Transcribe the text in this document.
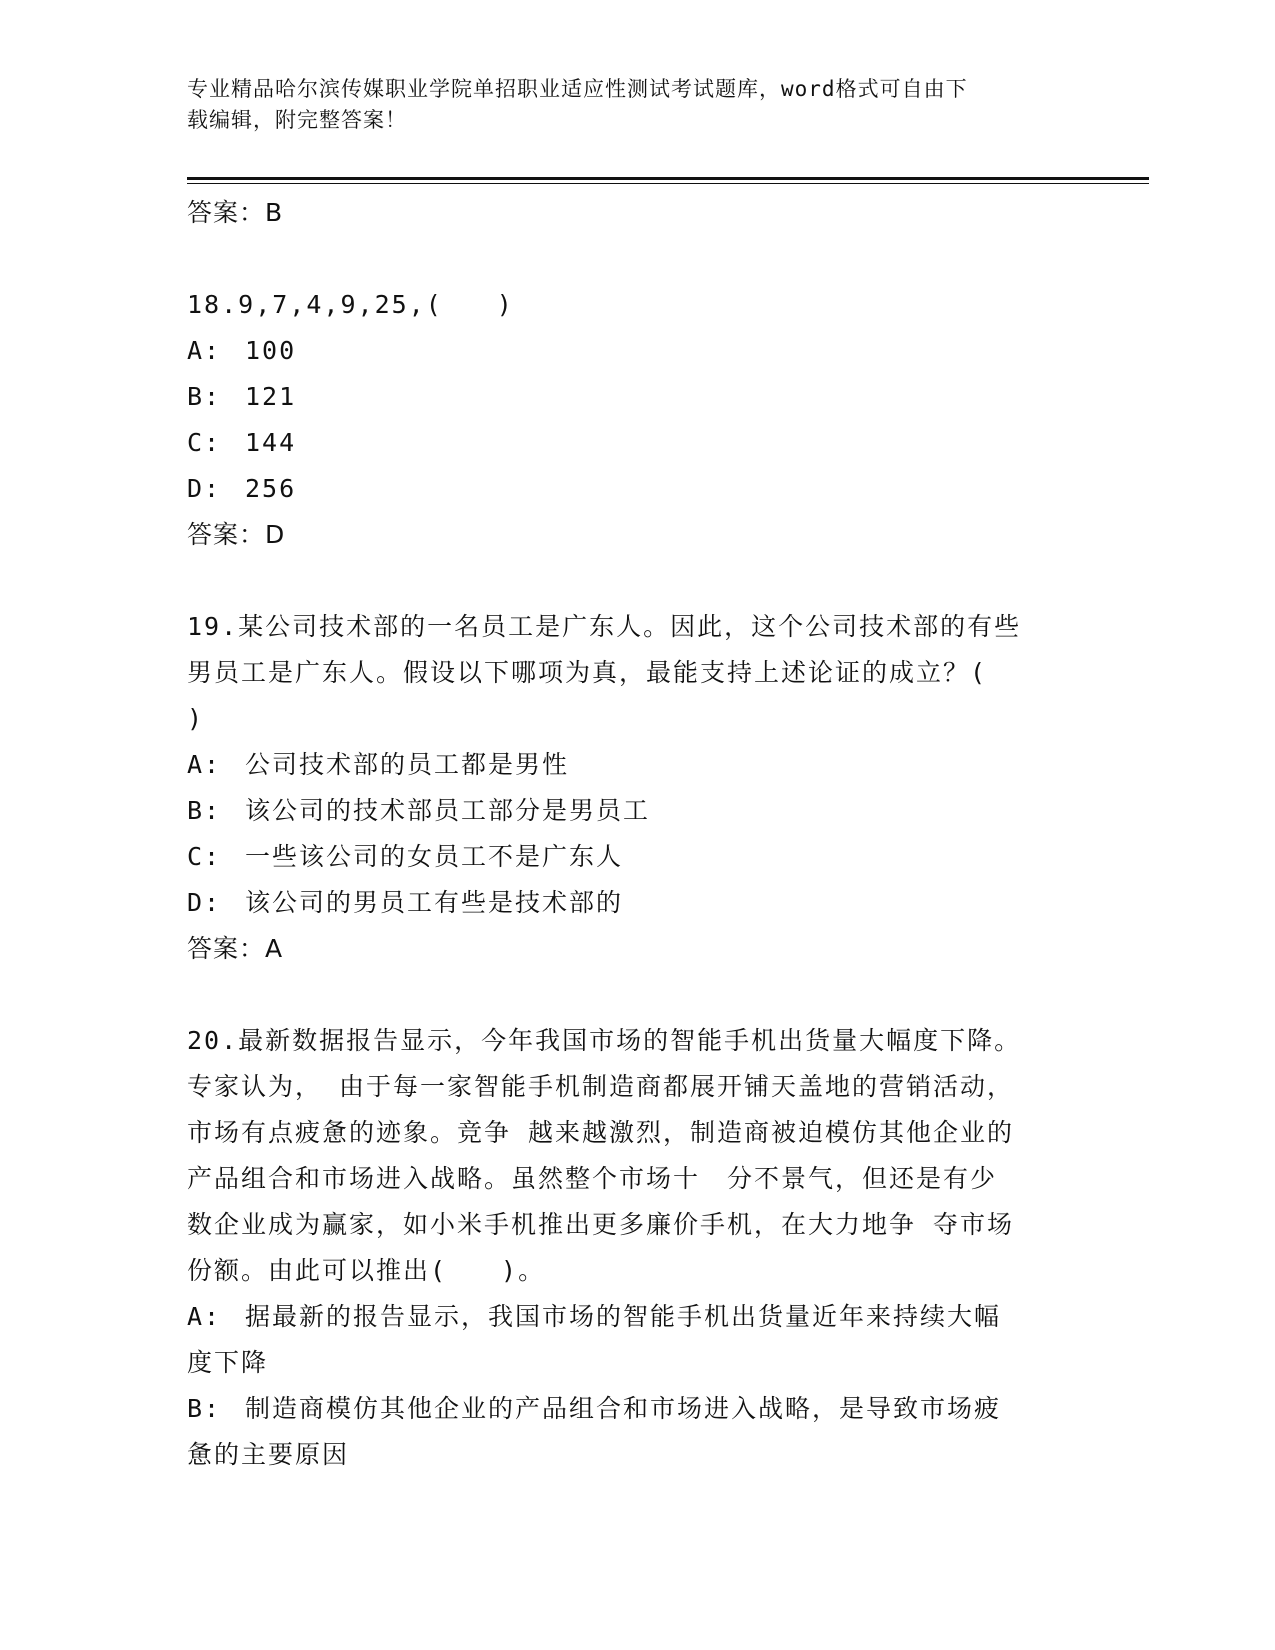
专业精品哈尔滨传媒职业学院单招职业适应性测试考试题库，word格式可自由下
载编辑，附完整答案！

答案：B

18.9,7,4,9,25,(　　)

A: 100
B: 121
C: 144
D: 256

答案：D

19.某公司技术部的一名员工是广东人。因此，这个公司技术部的有些

男员工是广东人。假设以下哪项为真，最能支持上述论证的成立？(

)

A: 公司技术部的员工都是男性
B: 该公司的技术部员工部分是男员工
C: 一些该公司的女员工不是广东人
D: 该公司的男员工有些是技术部的

答案：A

20.最新数据报告显示，今年我国市场的智能手机出货量大幅度下降。

专家认为， 由于每一家智能手机制造商都展开铺天盖地的营销活动，

市场有点疲惫的迹象。竞争 越来越激烈，制造商被迫模仿其他企业的

产品组合和市场进入战略。虽然整个市场十　分不景气，但还是有少

数企业成为赢家，如小米手机推出更多廉价手机，在大力地争 夺市场

份额。由此可以推出(　　)。

A: 据最新的报告显示，我国市场的智能手机出货量近年来持续大幅

度下降

B: 制造商模仿其他企业的产品组合和市场进入战略，是导致市场疲

惫的主要原因
